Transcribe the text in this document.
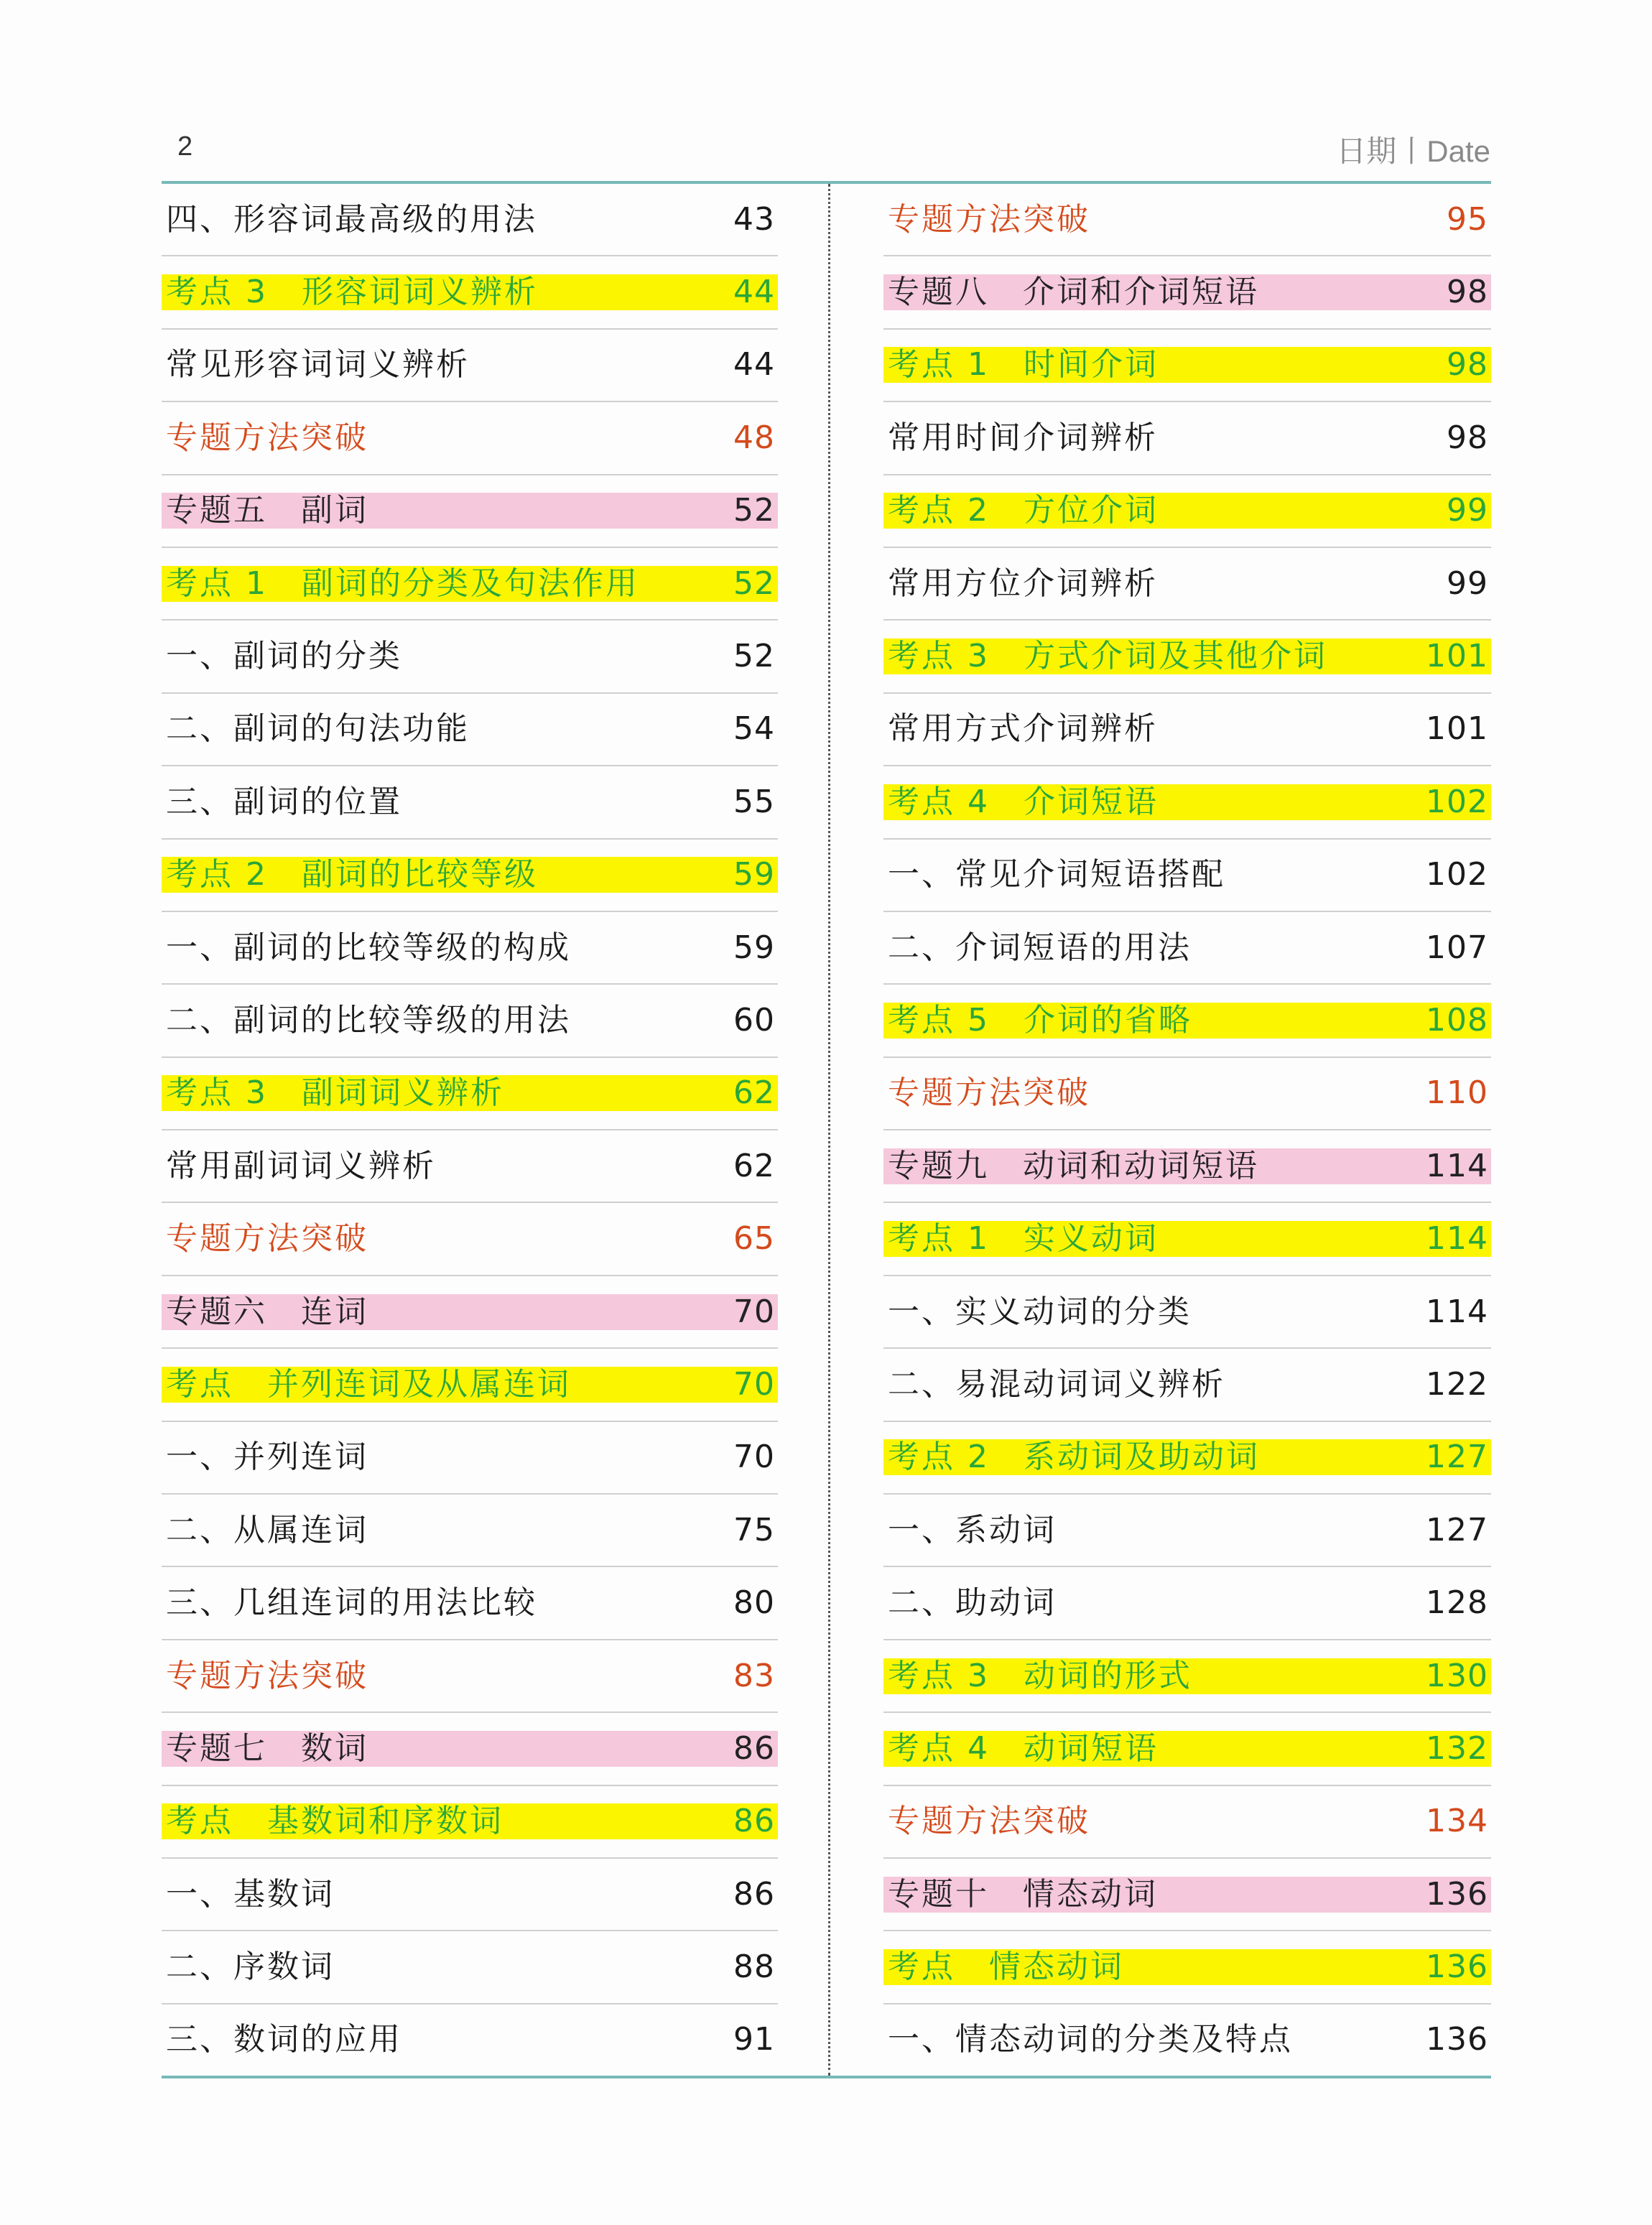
2	日期丨Date
四、形容词最高级的用法	43
考点 3　形容词词义辨析	44
常见形容词词义辨析	44
专题方法突破	48
专题五　副词	52
考点 1　副词的分类及句法作用	52
一、副词的分类	52
二、副词的句法功能	54
三、副词的位置	55
考点 2　副词的比较等级	59
一、副词的比较等级的构成	59
二、副词的比较等级的用法	60
考点 3　副词词义辨析	62
常用副词词义辨析	62
专题方法突破	65
专题六　连词	70
考点　并列连词及从属连词	70
一、并列连词	70
二、从属连词	75
三、几组连词的用法比较	80
专题方法突破	83
专题七　数词	86
考点　基数词和序数词	86
一、基数词	86
二、序数词	88
三、数词的应用	91
专题方法突破	95
专题八　介词和介词短语	98
考点 1　时间介词	98
常用时间介词辨析	98
考点 2　方位介词	99
常用方位介词辨析	99
考点 3　方式介词及其他介词	101
常用方式介词辨析	101
考点 4　介词短语	102
一、常见介词短语搭配	102
二、介词短语的用法	107
考点 5　介词的省略	108
专题方法突破	110
专题九　动词和动词短语	114
考点 1　实义动词	114
一、实义动词的分类	114
二、易混动词词义辨析	122
考点 2　系动词及助动词	127
一、系动词	127
二、助动词	128
考点 3　动词的形式	130
考点 4　动词短语	132
专题方法突破	134
专题十　情态动词	136
考点　情态动词	136
一、情态动词的分类及特点	136
